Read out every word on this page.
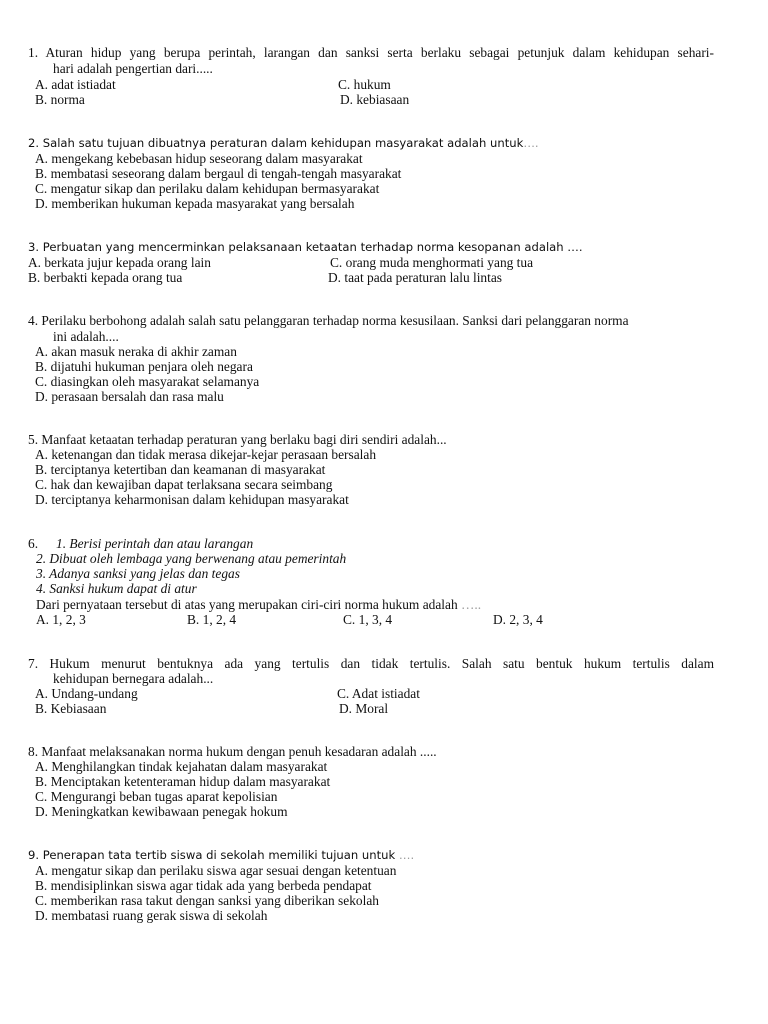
1. Aturan hidup yang berupa perintah, larangan dan sanksi serta berlaku sebagai petunjuk dalam kehidupan sehari-
hari adalah pengertian dari.....
A. adat istiadat
B. norma
C. hukum
D. kebiasaan
2. Salah satu tujuan dibuatnya peraturan dalam kehidupan masyarakat adalah untuk….
A. mengekang kebebasan hidup seseorang dalam masyarakat
B. membatasi seseorang dalam bergaul di tengah-tengah masyarakat
C. mengatur sikap dan perilaku dalam kehidupan bermasyarakat
D. memberikan hukuman kepada masyarakat yang bersalah
3. Perbuatan yang mencerminkan pelaksanaan ketaatan terhadap norma kesopanan adalah ….
A. berkata jujur kepada orang lain
B. berbakti kepada orang tua
C. orang muda menghormati yang tua
D. taat pada peraturan lalu lintas
4. Perilaku berbohong adalah salah satu pelanggaran terhadap norma kesusilaan. Sanksi dari pelanggaran norma
ini adalah....
A. akan masuk neraka di akhir zaman
B. dijatuhi hukuman penjara oleh negara
C. diasingkan oleh masyarakat selamanya
D. perasaan bersalah dan rasa malu
5. Manfaat ketaatan terhadap peraturan yang berlaku bagi diri sendiri adalah...
A. ketenangan dan tidak merasa dikejar-kejar perasaan bersalah
B. terciptanya ketertiban dan keamanan di masyarakat
C. hak dan kewajiban dapat terlaksana secara seimbang
D. terciptanya keharmonisan dalam kehidupan masyarakat
6. 1. Berisi perintah dan atau larangan
2. Dibuat oleh lembaga yang berwenang atau pemerintah
3. Adanya sanksi yang jelas dan tegas
4. Sanksi hukum dapat di atur
Dari pernyataan tersebut di atas yang merupakan ciri-ciri norma hukum adalah …..
A. 1, 2, 3	B. 1, 2, 4	C. 1, 3, 4	D. 2, 3, 4
7. Hukum menurut bentuknya ada yang tertulis dan tidak tertulis. Salah satu bentuk hukum tertulis dalam
kehidupan bernegara adalah...
A. Undang-undang
B. Kebiasaan
C. Adat istiadat
D. Moral
8. Manfaat melaksanakan norma hukum dengan penuh kesadaran adalah .....
A. Menghilangkan tindak kejahatan dalam masyarakat
B. Menciptakan ketenteraman hidup dalam masyarakat
C. Mengurangi beban tugas aparat kepolisian
D. Meningkatkan kewibawaan penegak hokum
9. Penerapan tata tertib siswa di sekolah memiliki tujuan untuk ….
A. mengatur sikap dan perilaku siswa agar sesuai dengan ketentuan
B. mendisiplinkan siswa agar tidak ada yang berbeda pendapat
C. memberikan rasa takut dengan sanksi yang diberikan sekolah
D. membatasi ruang gerak siswa di sekolah
